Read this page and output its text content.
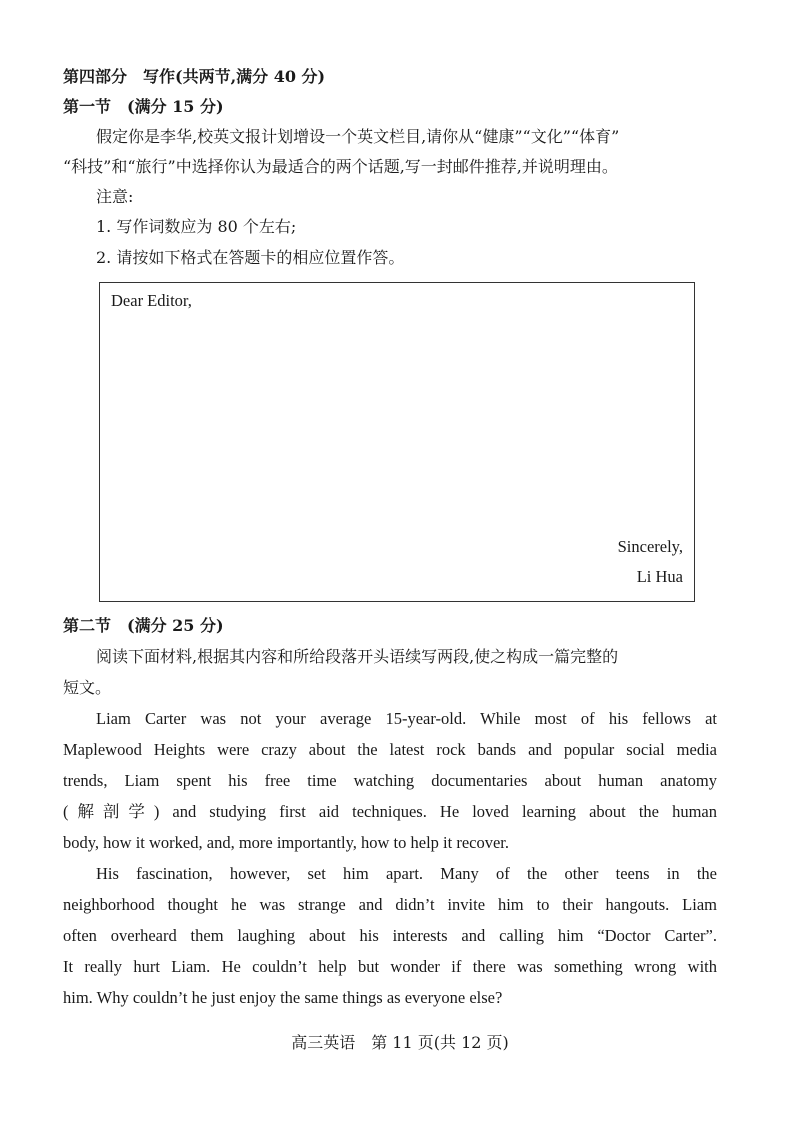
第四部分　写作(共两节,满分 40 分)
第一节　(满分 15 分)
假定你是李华,校英文报计划增设一个英文栏目,请你从“健康”“文化”“体育”
“科技”和“旅行”中选择你认为最适合的两个话题,写一封邮件推荐,并说明理由。
注意:
1. 写作词数应为 80 个左右;
2. 请按如下格式在答题卡的相应位置作答。
Dear Editor,
Sincerely,
Li Hua
第二节　(满分 25 分)
阅读下面材料,根据其内容和所给段落开头语续写两段,使之构成一篇完整的
短文。
Liam Carter was not your average 15-year-old. While most of his fellows at
Maplewood Heights were crazy about the latest rock bands and popular social media
trends, Liam spent his free time watching documentaries about human anatomy
(解剖学) and studying first aid techniques. He loved learning about the human
body, how it worked, and, more importantly, how to help it recover.
His fascination, however, set him apart. Many of the other teens in the
neighborhood thought he was strange and didn’t invite him to their hangouts. Liam
often overheard them laughing about his interests and calling him “Doctor Carter”.
It really hurt Liam. He couldn’t help but wonder if there was something wrong with
him. Why couldn’t he just enjoy the same things as everyone else?
高三英语　第 11 页(共 12 页)
